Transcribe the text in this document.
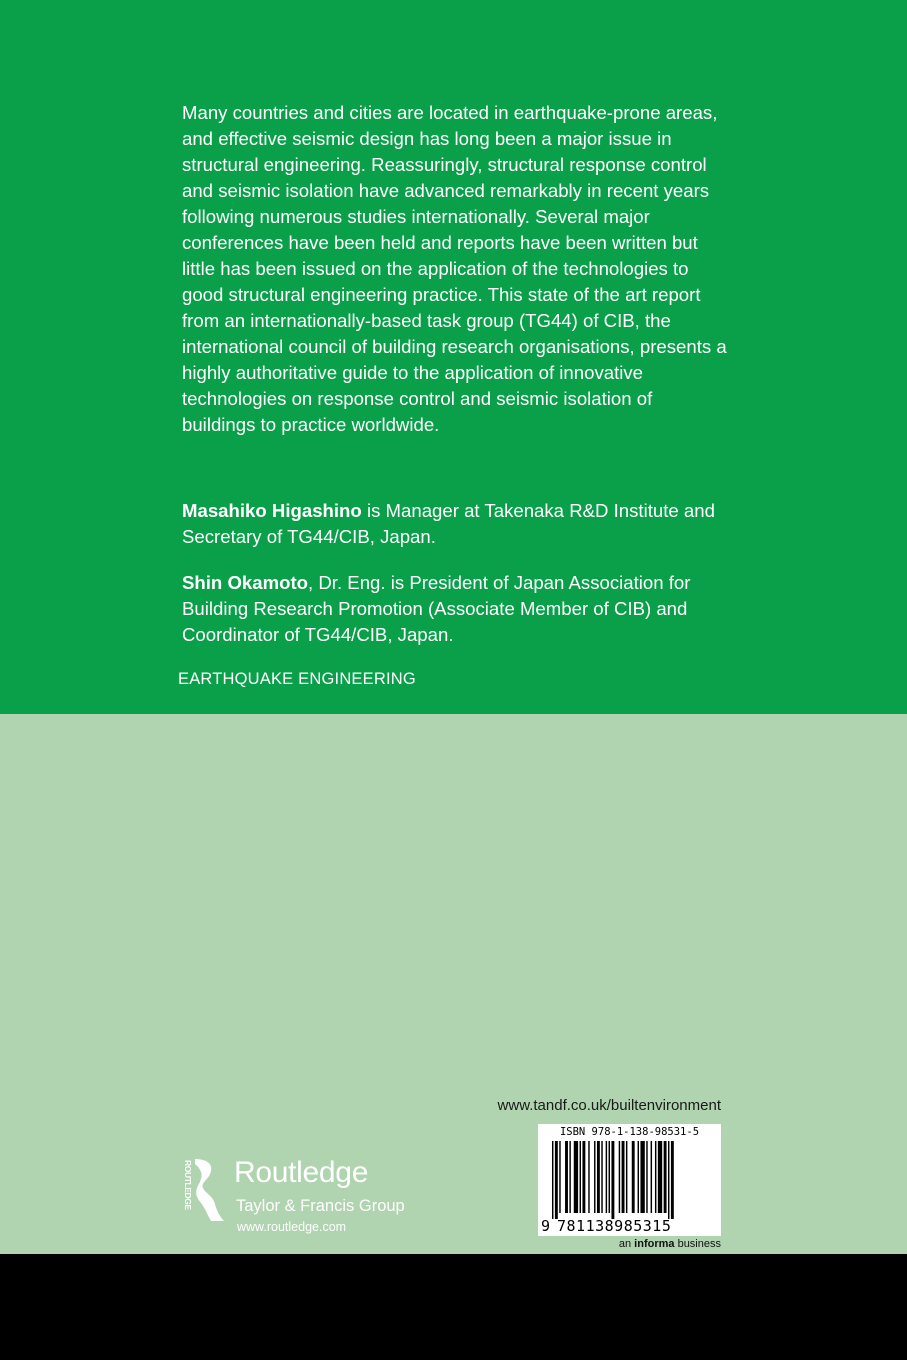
Many countries and cities are located in earthquake-prone areas, and effective seismic design has long been a major issue in structural engineering. Reassuringly, structural response control and seismic isolation have advanced remarkably in recent years following numerous studies internationally. Several major conferences have been held and reports have been written but little has been issued on the application of the technologies to good structural engineering practice. This state of the art report from an internationally-based task group (TG44) of CIB, the international council of building research organisations, presents a highly authoritative guide to the application of innovative technologies on response control and seismic isolation of buildings to practice worldwide.

Masahiko Higashino is Manager at Takenaka R&D Institute and Secretary of TG44/CIB, Japan.
Shin Okamoto, Dr. Eng. is President of Japan Association for Building Research Promotion (Associate Member of CIB) and Coordinator of TG44/CIB, Japan.
EARTHQUAKE ENGINEERING
www.tandf.co.uk/builtenvironment
ISBN 978-1-138-98531-5
9 781138985315
an informa business
ROUTLEDGE Routledge
Taylor & Francis Group
www.routledge.com
